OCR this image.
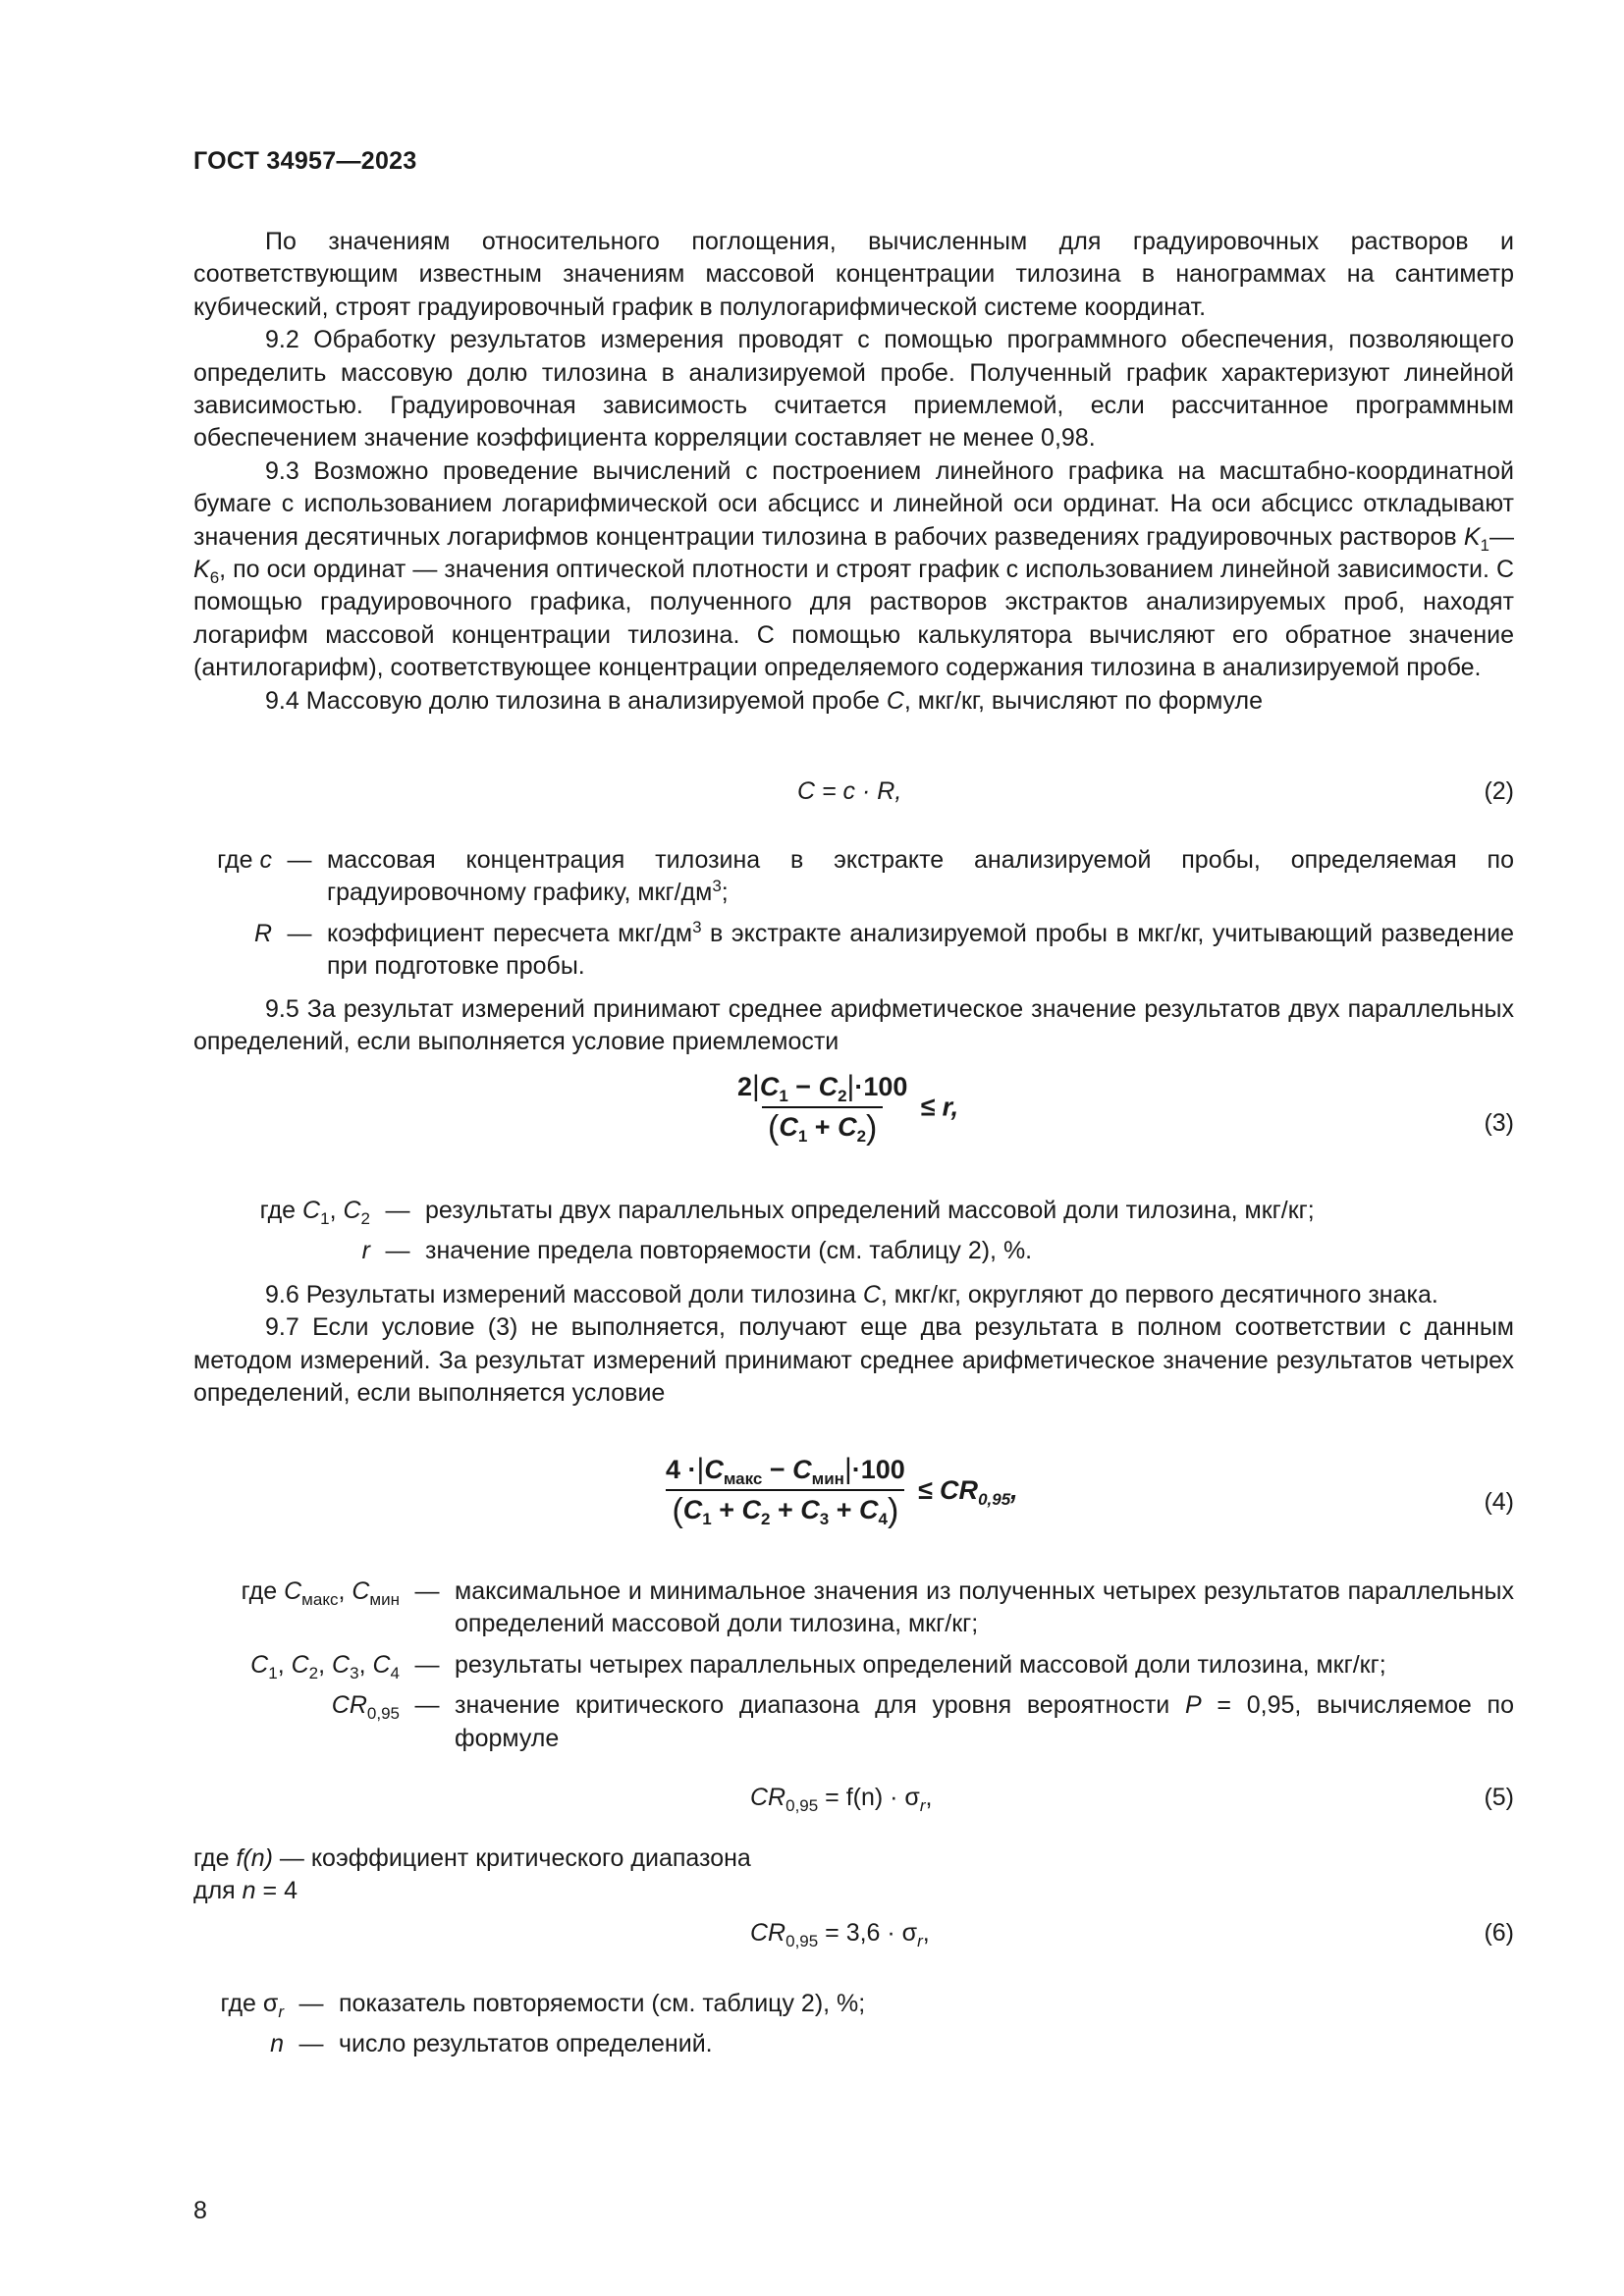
ГОСТ 34957—2023

По значениям относительного поглощения, вычисленным для градуировочных растворов и соответствующим известным значениям массовой концентрации тилозина в нанограммах на сантиметр кубический, строят градуировочный график в полулогарифмической системе координат.

9.2 Обработку результатов измерения проводят с помощью программного обеспечения, позволяющего определить массовую долю тилозина в анализируемой пробе. Полученный график характеризуют линейной зависимостью. Градуировочная зависимость считается приемлемой, если рассчитанное программным обеспечением значение коэффициента корреляции составляет не менее 0,98.

9.3 Возможно проведение вычислений с построением линейного графика на масштабно-координатной бумаге с использованием логарифмической оси абсцисс и линейной оси ординат. На оси абсцисс откладывают значения десятичных логарифмов концентрации тилозина в рабочих разведениях градуировочных растворов $K_1—K_6$, по оси ординат — значения оптической плотности и строят график с использованием линейной зависимости. С помощью градуировочного графика, полученного для растворов экстрактов анализируемых проб, находят логарифм массовой концентрации тилозина. С помощью калькулятора вычисляют его обратное значение (антилогарифм), соответствующее концентрации определяемого содержания тилозина в анализируемой пробе.

9.4 Массовую долю тилозина в анализируемой пробе C, мкг/кг, вычисляют по формуле

C = c · R,	(2)
где c — массовая концентрация тилозина в экстракте анализируемой пробы, определяемая по градуировочному графику, мкг/$дм^3$;
R — коэффициент пересчета мкг/$дм^3$ в экстракте анализируемой пробы в мкг/кг, учитывающий разведение при подготовке пробы.

9.5 За результат измерений принимают среднее арифметическое значение результатов двух параллельных определений, если выполняется условие приемлемости

$\frac{2|C_1 - C_2|\cdot 100}{(C_1 + C_2)} \le r$,
(3)
где $C_1$, $C_2$ — результаты двух параллельных определений массовой доли тилозина, мкг/кг;
r — значение предела повторяемости (см. таблицу 2), %.

9.6 Результаты измерений массовой доли тилозина C, мкг/кг, округляют до первого десятичного знака.

9.7 Если условие (3) не выполняется, получают еще два результата в полном соответствии с данным методом измерений. За результат измерений принимают среднее арифметическое значение результатов четырех определений, если выполняется условие

$\frac{4 \cdot|C_{макс} - C_{мин}|\cdot 100}{(C_1 + C_2 + C_3 + C_4)} \le CR_{0,95}$,	(4)
где $C_{макс}$, $C_{мин}$ — максимальное и минимальное значения из полученных четырех результатов параллельных определений массовой доли тилозина, мкг/кг;
$C_1$, $C_2$, $C_3$, $C_4$ — результаты четырех параллельных определений массовой доли тилозина, мкг/кг;
$CR_{0,95}$ — значение критического диапазона для уровня вероятности P = 0,95, вычисляемое по формуле
$CR_{0,95} = f(n) \cdot \sigma_r$,	(5)
где f(n) — коэффициент критического диапазона
для n = 4
$CR_{0,95} = 3,6 \cdot \sigma_r$,	(6)
где $\sigma_r$ — показатель повторяемости (см. таблицу 2), %;
n — число результатов определений.
8
